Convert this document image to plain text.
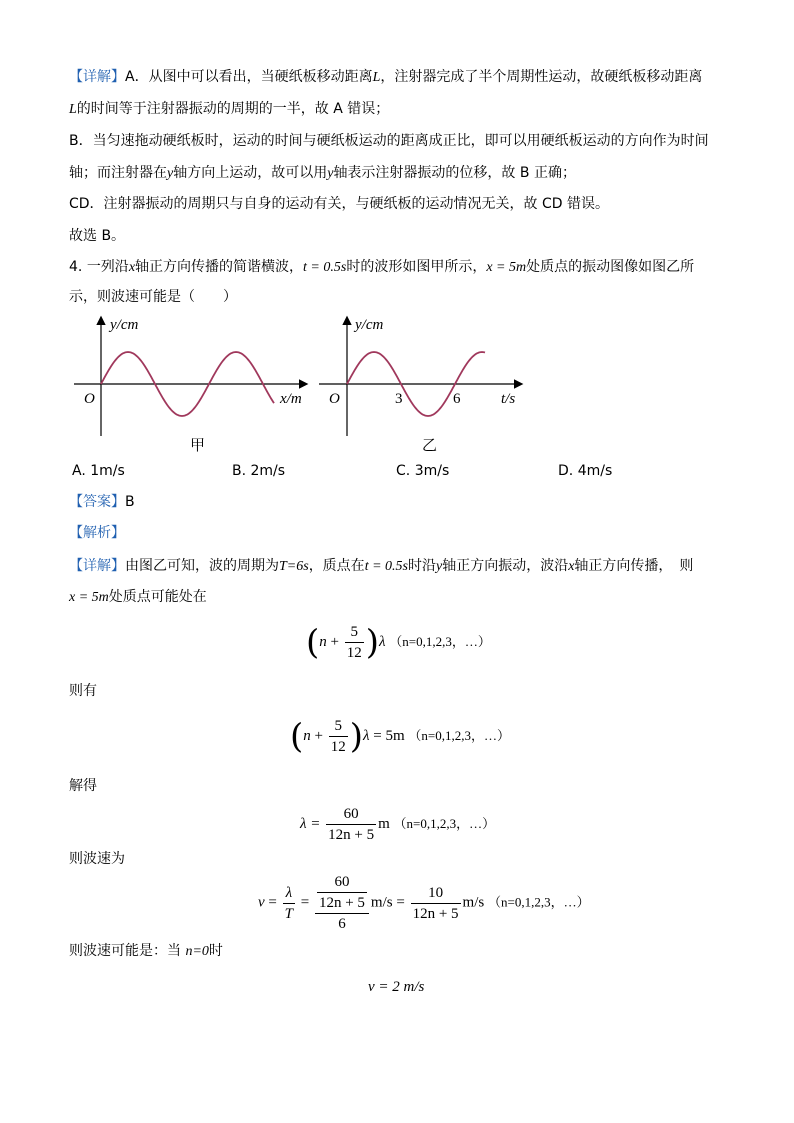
【详解】A．从图中可以看出，当硬纸板移动距离L，注射器完成了半个周期性运动，故硬纸板移动距离
L的时间等于注射器振动的周期的一半，故 A 错误；
B．当匀速拖动硬纸板时，运动的时间与硬纸板运动的距离成正比，即可以用硬纸板运动的方向作为时间
轴；而注射器在y轴方向上运动，故可以用y轴表示注射器振动的位移，故 B 正确；
CD．注射器振动的周期只与自身的运动有关，与硬纸板的运动情况无关，故 CD 错误。
故选 B。
4. 一列沿x轴正方向传播的简谐横波，t = 0.5s时的波形如图甲所示，x = 5m处质点的振动图像如图乙所
示，则波速可能是（　　）
y/cm
x/m
O
甲
y/cm
t/s
O	3	6
乙
A. 1m/s	B. 2m/s	C. 3m/s	D. 4m/s
【答案】B
【解析】
【详解】由图乙可知，波的周期为T=6s，质点在t = 0.5s时沿y轴正方向振动，波沿x轴正方向传播，　则
x = 5m处质点可能处在
$(n + \frac{5}{12} )\lambda$ （n=0,1,2,3，…）
则有
$(n + \frac{5}{12} )\lambda = 5m$ （n=0,1,2,3，…）
解得
$\lambda = \frac{60}{12n + 5}$ m （n=0,1,2,3，…）
则波速为
$v = \frac{\lambda}{T} = \frac{\frac{60}{12n + 5}}{6} m/s = \frac{10}{12n + 5} m/s$ （n=0,1,2,3，…）
则波速可能是：当 n=0时
v = 2 m/s
